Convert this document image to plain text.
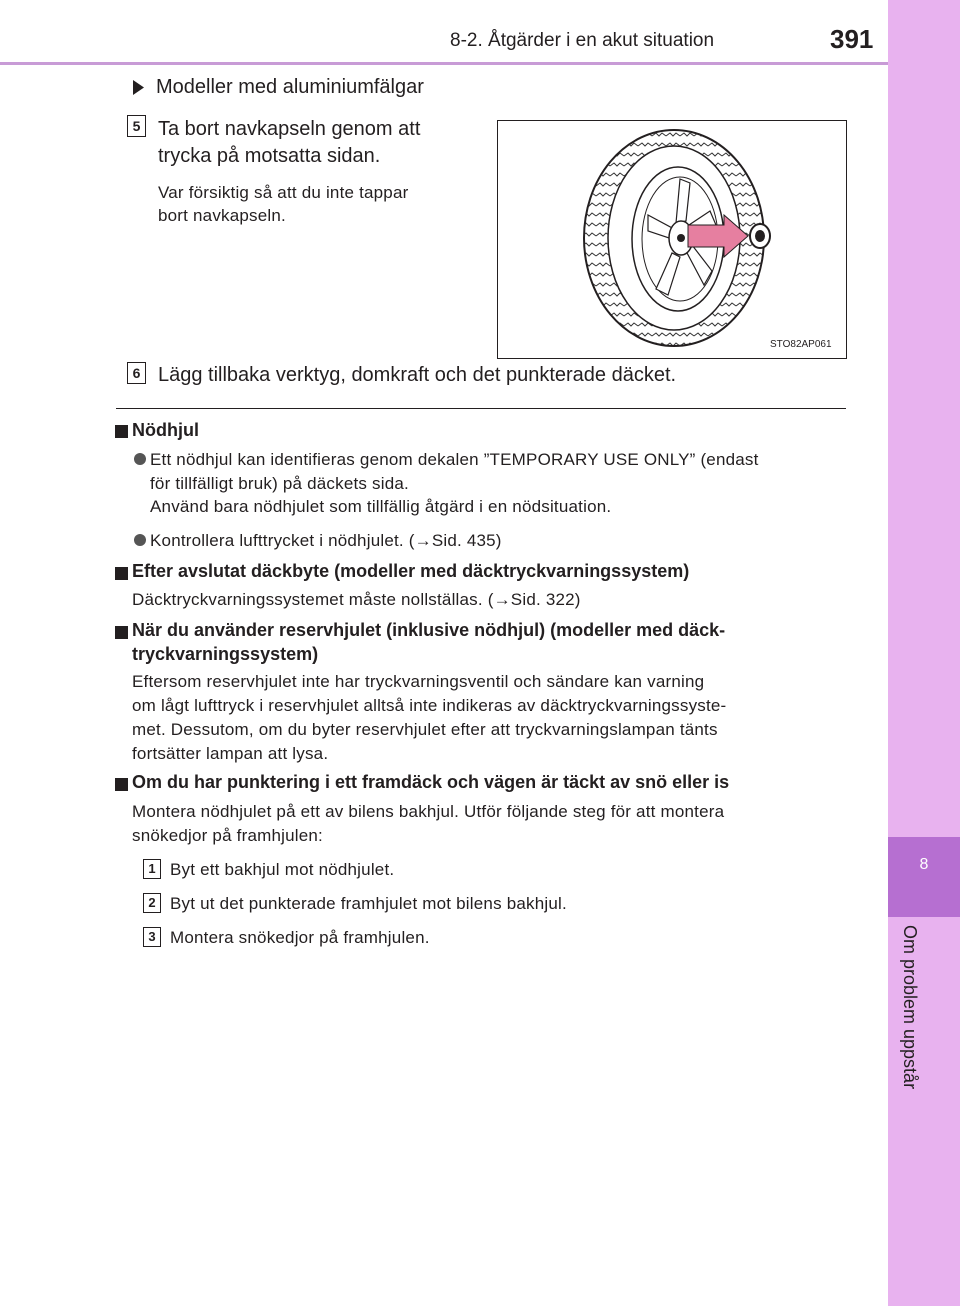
8-2. Åtgärder i en akut situation	391
8
Om problem uppstår
Modeller med aluminiumfälgar
5 Ta bort navkapseln genom att
trycka på motsatta sidan.
Var försiktig så att du inte tappar
bort navkapseln.
STO82AP061
6 Lägg tillbaka verktyg, domkraft och det punkterade däcket.
Nödhjul
Ett nödhjul kan identifieras genom dekalen ”TEMPORARY USE ONLY” (endast
för tillfälligt bruk) på däckets sida.
Använd bara nödhjulet som tillfällig åtgärd i en nödsituation.
Kontrollera lufttrycket i nödhjulet. (→Sid. 435)
Efter avslutat däckbyte (modeller med däcktryckvarningssystem)
Däcktryckvarningssystemet måste nollställas. (→Sid. 322)
När du använder reservhjulet (inklusive nödhjul) (modeller med däck-
tryckvarningssystem)
Eftersom reservhjulet inte har tryckvarningsventil och sändare kan varning
om lågt lufttryck i reservhjulet alltså inte indikeras av däcktryckvarningssyste-
met. Dessutom, om du byter reservhjulet efter att tryckvarningslampan tänts
fortsätter lampan att lysa.
Om du har punktering i ett framdäck och vägen är täckt av snö eller is
Montera nödhjulet på ett av bilens bakhjul. Utför följande steg för att montera
snökedjor på framhjulen:
1 Byt ett bakhjul mot nödhjulet.
2 Byt ut det punkterade framhjulet mot bilens bakhjul.
3 Montera snökedjor på framhjulen.
